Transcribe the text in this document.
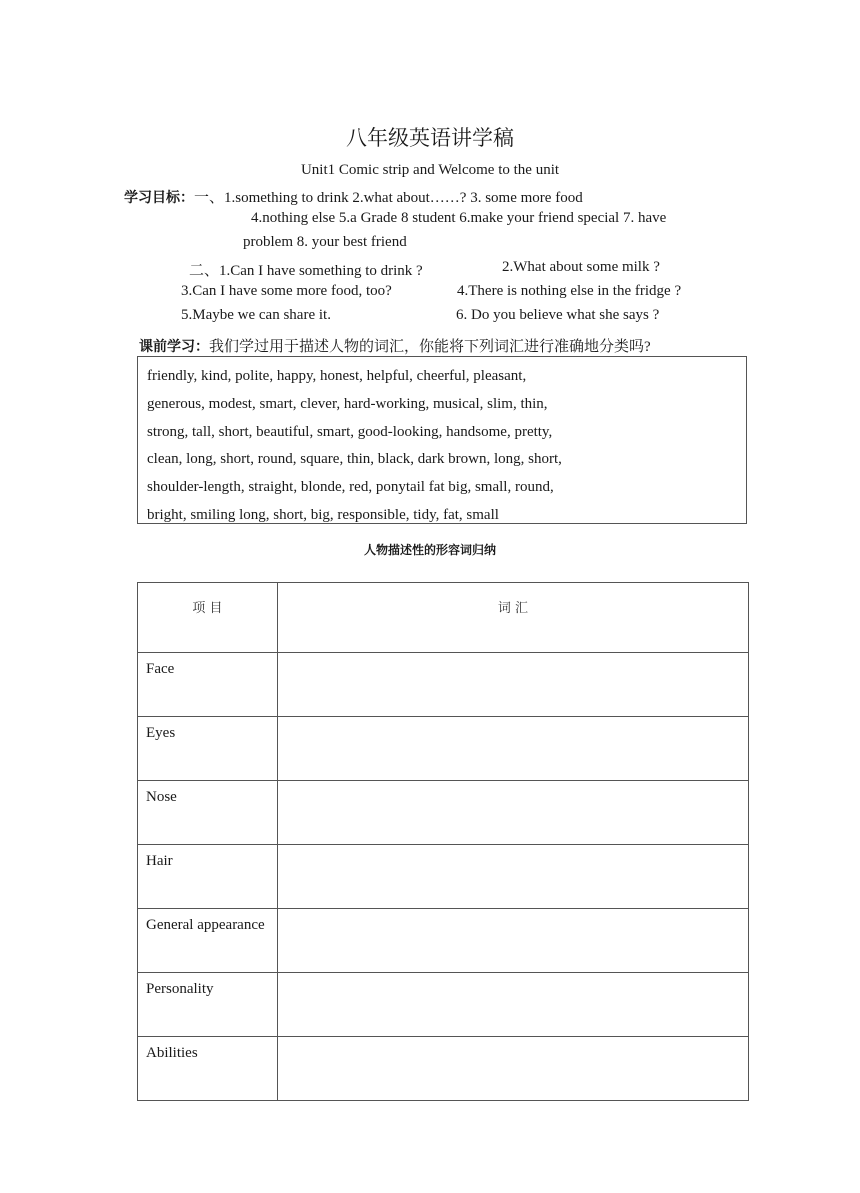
八年级英语讲学稿
Unit1 Comic strip and Welcome to the unit
学习目标：一、1.something to drink 2.what about……? 3. some more food
4.nothing else 5.a Grade 8 student 6.make your friend special 7. have
problem 8. your best friend
二、1.Can I have something to drink ?	2.What about some milk ?
3.Can I have some more food, too?	4.There is nothing else in the fridge ?
5.Maybe we can share it.	6. Do you believe what she says ?
课前学习：我们学过用于描述人物的词汇，你能将下列词汇进行准确地分类吗?
friendly, kind, polite, happy, honest, helpful, cheerful, pleasant,
generous, modest, smart, clever, hard-working, musical, slim, thin,
strong, tall, short, beautiful, smart, good-looking, handsome, pretty,
clean, long, short, round, square, thin, black, dark brown, long, short,
shoulder-length, straight, blonde, red, ponytail fat big, small, round,
bright, smiling long, short, big, responsible, tidy, fat, small
人物描述性的形容词归纳
项 目	词 汇
Face	
Eyes	
Nose	
Hair	
General appearance	
Personality	
Abilities	
